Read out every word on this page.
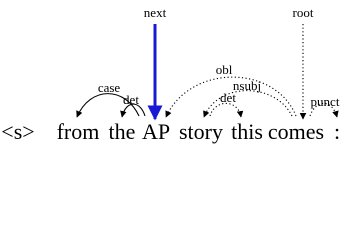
next	root
case
det
obl
nsubj
det	punct
<s> from the AP story this comes :
